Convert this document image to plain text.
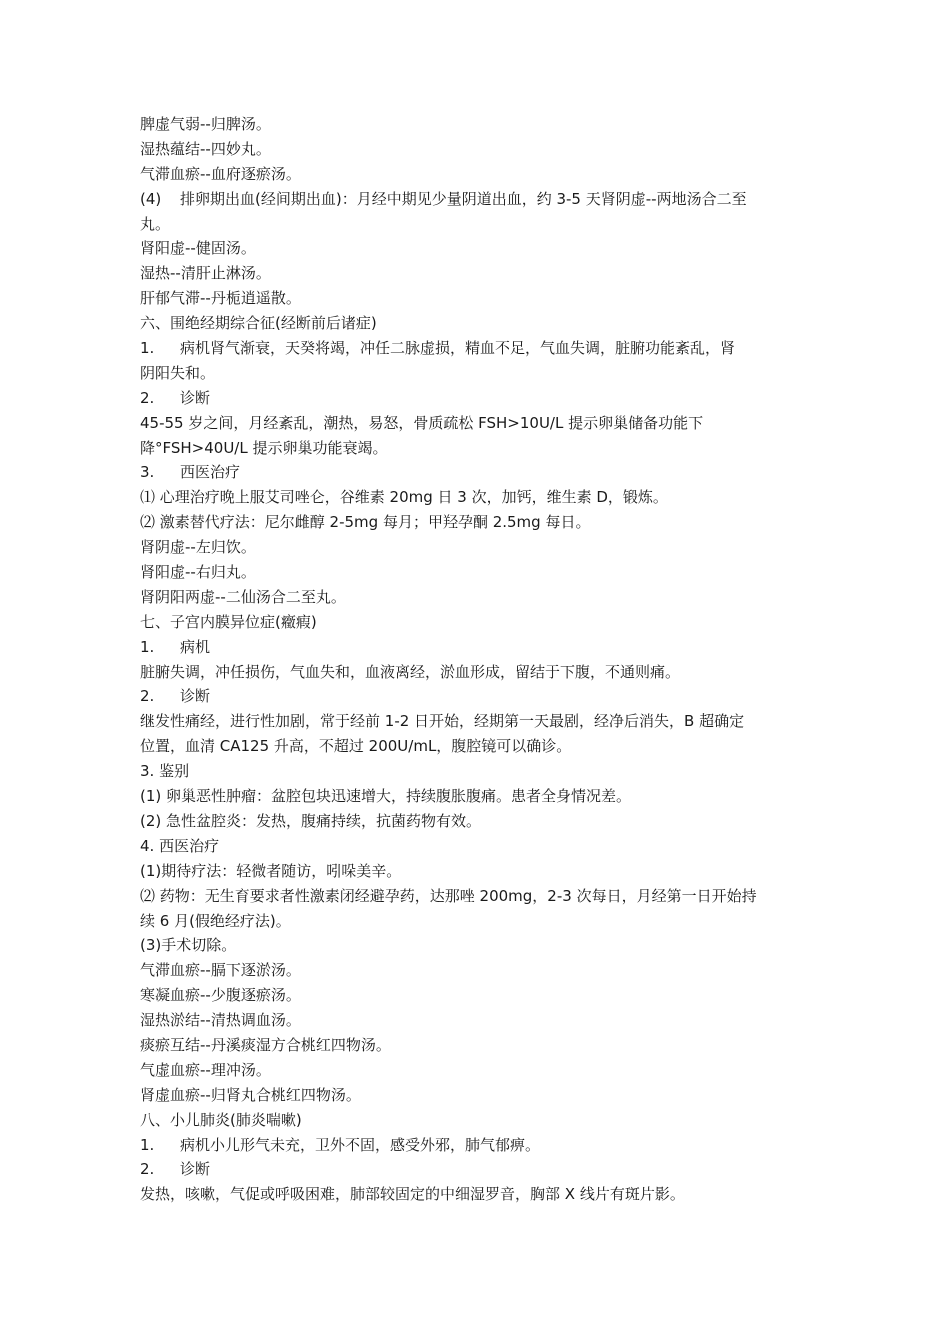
脾虚气弱--归脾汤。
湿热蕴结--四妙丸。
气滞血瘀--血府逐瘀汤。
(4) 排卵期出血(经间期出血)：月经中期见少量阴道出血，约 3-5 天肾阴虚--两地汤合二至
丸。
肾阳虚--健固汤。
湿热--清肝止淋汤。
肝郁气滞--丹栀逍遥散。
六、围绝经期综合征(经断前后诸症)
1. 病机肾气渐衰，天癸将竭，冲任二脉虚损，精血不足，气血失调，脏腑功能紊乱，肾
阴阳失和。
2. 诊断
45-55 岁之间，月经紊乱，潮热，易怒，骨质疏松 FSH>10U/L 提示卵巢储备功能下
降°FSH>40U/L 提示卵巢功能衰竭。
3. 西医治疗
⑴ 心理治疗晚上服艾司唑仑，谷维素 20mg 日 3 次，加钙，维生素 D，锻炼。
⑵ 激素替代疗法：尼尔雌醇 2-5mg 每月；甲羟孕酮 2.5mg 每日。
肾阴虚--左归饮。
肾阳虚--右归丸。
肾阴阳两虚--二仙汤合二至丸。
七、子宫内膜异位症(癥瘕)
1. 病机
脏腑失调，冲任损伤，气血失和，血液离经，淤血形成，留结于下腹，不通则痛。
2. 诊断
继发性痛经，进行性加剧，常于经前 1-2 日开始，经期第一天最剧，经净后消失，B 超确定
位置，血清 CA125 升高，不超过 200U/mL，腹腔镜可以确诊。
3. 鉴别
(1) 卵巢恶性肿瘤：盆腔包块迅速增大，持续腹胀腹痛。患者全身情况差。
(2) 急性盆腔炎：发热，腹痛持续，抗菌药物有效。
4. 西医治疗
(1)期待疗法：轻微者随访，吲哚美辛。
⑵ 药物：无生育要求者性激素闭经避孕药，达那唑 200mg，2-3 次每日，月经第一日开始持
续 6 月(假绝经疗法)。
(3)手术切除。
气滞血瘀--膈下逐淤汤。
寒凝血瘀--少腹逐瘀汤。
湿热淤结--清热调血汤。
痰瘀互结--丹溪痰湿方合桃红四物汤。
气虚血瘀--理冲汤。
肾虚血瘀--归肾丸合桃红四物汤。
八、小儿肺炎(肺炎喘嗽)
1. 病机小儿形气未充，卫外不固，感受外邪，肺气郁痹。
2. 诊断
发热，咳嗽，气促或呼吸困难，肺部较固定的中细湿罗音，胸部 X 线片有斑片影。
